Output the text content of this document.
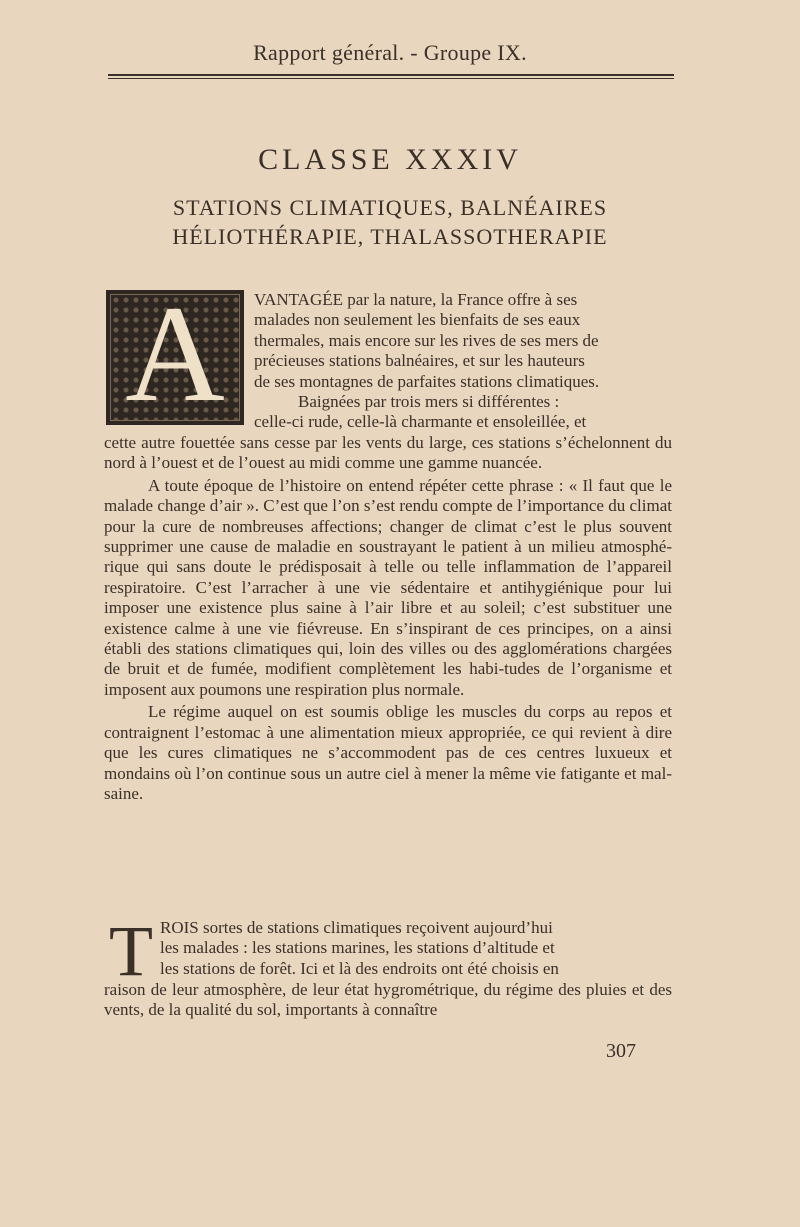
Rapport général. - Groupe IX.
CLASSE XXXIV
STATIONS CLIMATIQUES, BALNÉAIRES
HÉLIOTHÉRAPIE, THALASSOTHERAPIE
A	VANTAGÉE par la nature, la France offre à ses

malades non seulement les bienfaits de ses eaux

thermales, mais encore sur les rives de ses mers de

précieuses stations balnéaires, et sur les hauteurs

de ses montagnes de parfaites stations climatiques.

Baignées par trois mers si différentes :

celle-ci rude, celle-là charmante et ensoleillée, et

cette autre fouettée sans cesse par les vents du large, ces stations s’échelonnent du nord à l’ouest et de l’ouest au midi comme une gamme nuancée.

A toute époque de l’histoire on entend répéter cette phrase : « Il faut que le malade change d’air ». C’est que l’on s’est rendu compte de l’importance du climat pour la cure de nombreuses affections; changer de climat c’est le plus souvent supprimer une cause de maladie en soustrayant le patient à un milieu atmosphé-rique qui sans doute le prédisposait à telle ou telle inflammation de l’appareil respiratoire. C’est l’arracher à une vie sédentaire et antihygiénique pour lui imposer une existence plus saine à l’air libre et au soleil; c’est substituer une existence calme à une vie fiévreuse. En s’inspirant de ces principes, on a ainsi établi des stations climatiques qui, loin des villes ou des agglomérations chargées de bruit et de fumée, modifient complètement les habi-tudes de l’organisme et imposent aux poumons une respiration plus normale.

Le régime auquel on est soumis oblige les muscles du corps au repos et contraignent l’estomac à une alimentation mieux appropriée, ce qui revient à dire que les cures climatiques ne s’accommodent pas de ces centres luxueux et mondains où l’on continue sous un autre ciel à mener la même vie fatigante et mal-saine.

T ROIS sortes de stations climatiques reçoivent aujourd’hui

les malades : les stations marines, les stations d’altitude et

les stations de forêt. Ici et là des endroits ont été choisis en

raison de leur atmosphère, de leur état hygrométrique, du régime des pluies et des vents, de la qualité du sol, importants à connaître

307
